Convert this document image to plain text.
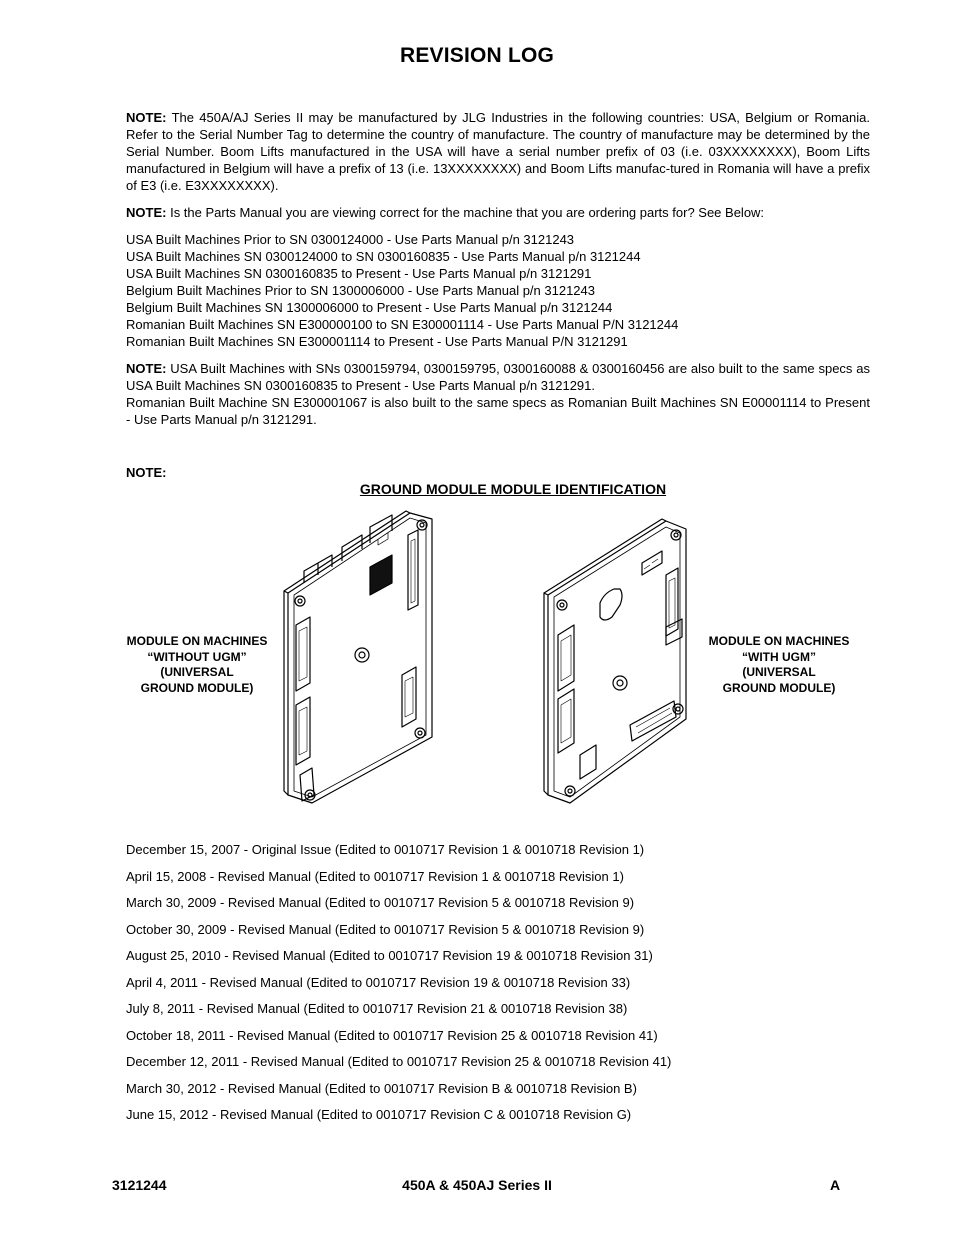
REVISION LOG
NOTE: The 450A/AJ Series II may be manufactured by JLG Industries in the following countries: USA, Belgium or Romania. Refer to the Serial Number Tag to determine the country of manufacture. The country of manufacture may be determined by the Serial Number. Boom Lifts manufactured in the USA will have a serial number prefix of 03 (i.e. 03XXXXXXXX), Boom Lifts manufactured in Belgium will have a prefix of 13 (i.e. 13XXXXXXXX) and Boom Lifts manufac-tured in Romania will have a prefix of E3 (i.e. E3XXXXXXXX).
NOTE: Is the Parts Manual you are viewing correct for the machine that you are ordering parts for? See Below:
USA Built Machines Prior to SN 0300124000 - Use Parts Manual p/n 3121243
USA Built Machines SN 0300124000 to SN 0300160835 - Use Parts Manual p/n 3121244
USA Built Machines SN 0300160835 to Present - Use Parts Manual p/n 3121291
Belgium Built Machines Prior to SN 1300006000 - Use Parts Manual p/n 3121243
Belgium Built Machines SN 1300006000 to Present - Use Parts Manual p/n 3121244
Romanian Built Machines SN E300000100 to SN E300001114 - Use Parts Manual P/N 3121244
Romanian Built Machines SN E300001114 to Present - Use Parts Manual P/N 3121291
NOTE: USA Built Machines with SNs 0300159794, 0300159795, 0300160088 & 0300160456 are also built to the same specs as USA Built Machines SN 0300160835 to Present - Use Parts Manual p/n 3121291.
Romanian Built Machine SN E300001067 is also built to the same specs as Romanian Built Machines SN E00001114 to Present - Use Parts Manual p/n 3121291.
NOTE:
GROUND MODULE MODULE IDENTIFICATION
MODULE ON MACHINES
“WITHOUT UGM”
(UNIVERSAL
GROUND MODULE)
MODULE ON MACHINES
“WITH UGM”
(UNIVERSAL
GROUND MODULE)
December 15, 2007 - Original Issue (Edited to 0010717 Revision 1 & 0010718 Revision 1)
April 15, 2008 - Revised Manual (Edited to 0010717 Revision 1 & 0010718 Revision 1)
March 30, 2009 - Revised Manual (Edited to 0010717 Revision 5 & 0010718 Revision 9)
October 30, 2009 - Revised Manual (Edited to 0010717 Revision 5 & 0010718 Revision 9)
August 25, 2010 - Revised Manual (Edited to 0010717 Revision 19 & 0010718 Revision 31)
April 4, 2011 - Revised Manual (Edited to 0010717 Revision 19 & 0010718 Revision 33)
July 8, 2011 - Revised Manual (Edited to 0010717 Revision 21 & 0010718 Revision 38)
October 18, 2011 - Revised Manual (Edited to 0010717 Revision 25 & 0010718 Revision 41)
December 12, 2011 - Revised Manual (Edited to 0010717 Revision 25 & 0010718 Revision 41)
March 30, 2012 - Revised Manual (Edited to 0010717 Revision B & 0010718 Revision B)
June 15, 2012 - Revised Manual (Edited to 0010717 Revision C & 0010718 Revision G)
3121244	450A & 450AJ Series II	A
